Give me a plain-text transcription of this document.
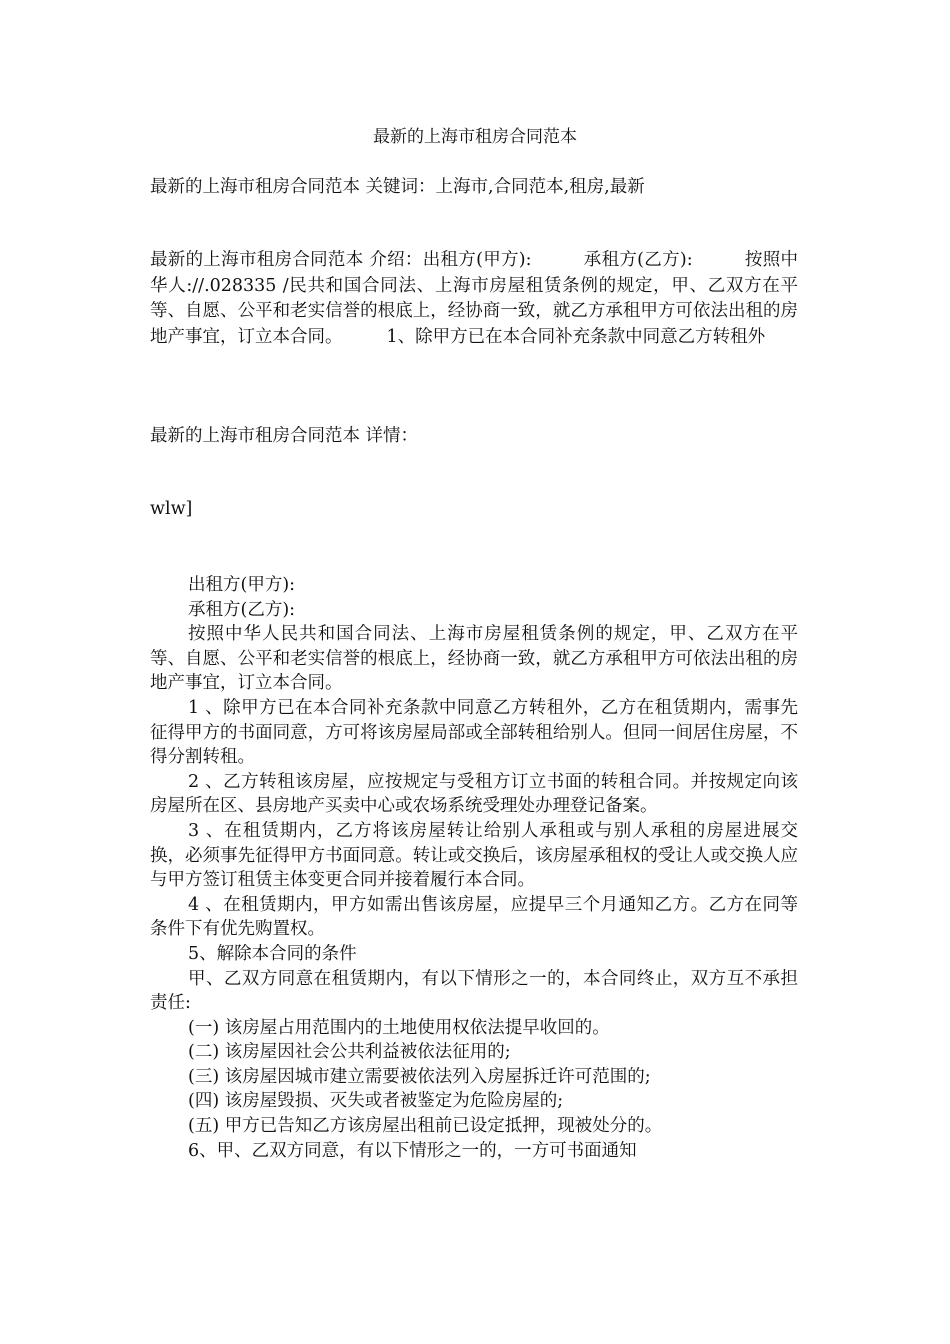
最新的上海市租房合同范本
最新的上海市租房合同范本 关键词：上海市,合同范本,租房,最新
最新的上海市租房合同范本 介绍：出租方(甲方):	承租方(乙方):	按照中华人://.028335 /民共和国合同法、上海市房屋租赁条例的规定，甲、乙双方在平等、自愿、公平和老实信誉的根底上，经协商一致，就乙方承租甲方可依法出租的房地产事宜，订立本合同。	1、除甲方已在本合同补充条款中同意乙方转租外
最新的上海市租房合同范本 详情：
wlw]

出租方(甲方):

承租方(乙方):

按照中华人民共和国合同法、上海市房屋租赁条例的规定，甲、乙双方在平等、自愿、公平和老实信誉的根底上，经协商一致，就乙方承租甲方可依法出租的房地产事宜，订立本合同。

1 、除甲方已在本合同补充条款中同意乙方转租外，乙方在租赁期内，需事先征得甲方的书面同意，方可将该房屋局部或全部转租给别人。但同一间居住房屋，不得分割转租。

2 、乙方转租该房屋，应按规定与受租方订立书面的转租合同。并按规定向该房屋所在区、县房地产买卖中心或农场系统受理处办理登记备案。

3 、在租赁期内，乙方将该房屋转让给别人承租或与别人承租的房屋进展交换，必须事先征得甲方书面同意。转让或交换后，该房屋承租权的受让人或交换人应与甲方签订租赁主体变更合同并接着履行本合同。

4 、在租赁期内，甲方如需出售该房屋，应提早三个月通知乙方。乙方在同等条件下有优先购置权。

5、解除本合同的条件

甲、乙双方同意在租赁期内，有以下情形之一的，本合同终止，双方互不承担责任:

(一) 该房屋占用范围内的土地使用权依法提早收回的。

(二) 该房屋因社会公共利益被依法征用的;

(三) 该房屋因城市建立需要被依法列入房屋拆迁许可范围的;

(四) 该房屋毁损、灭失或者被鉴定为危险房屋的;

(五) 甲方已告知乙方该房屋出租前已设定抵押，现被处分的。

6、甲、乙双方同意，有以下情形之一的，一方可书面通知
